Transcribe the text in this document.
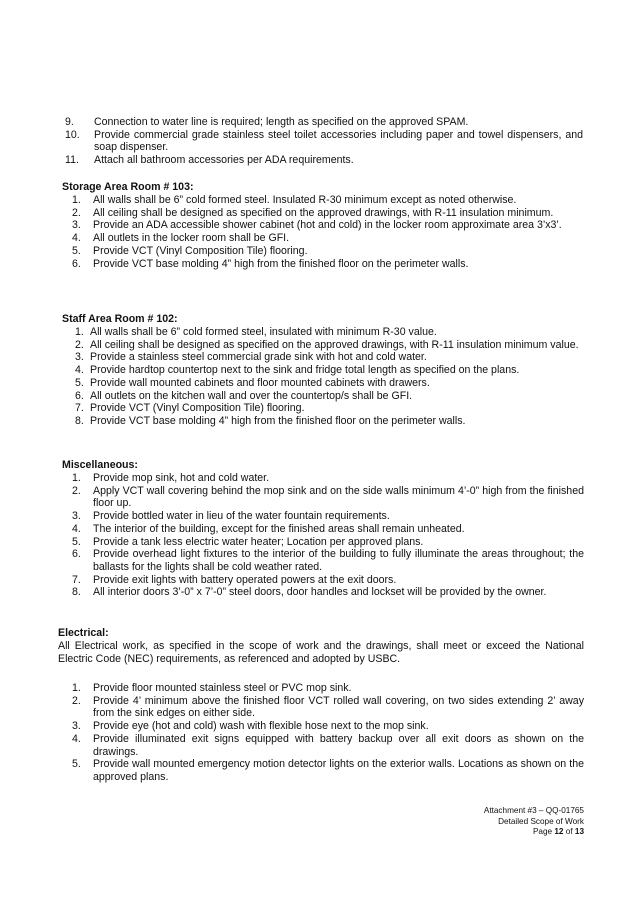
9.	Connection to water line is required; length as specified on the approved SPAM.
10.	Provide commercial grade stainless steel toilet accessories including paper and towel dispensers, and soap dispenser.
11.	Attach all bathroom accessories per ADA requirements.
Storage Area Room # 103:
1. All walls shall be 6” cold formed steel. Insulated R-30 minimum except as noted otherwise.
2. All ceiling shall be designed as specified on the approved drawings, with R-11 insulation minimum.
3. Provide an ADA accessible shower cabinet (hot and cold) in the locker room approximate area 3’x3’.
4. All outlets in the locker room shall be GFI.
5. Provide VCT (Vinyl Composition Tile) flooring.
6. Provide VCT base molding 4” high from the finished floor on the perimeter walls.
Staff Area Room # 102:
1. All walls shall be 6” cold formed steel, insulated with minimum R-30 value.
2. All ceiling shall be designed as specified on the approved drawings, with R-11 insulation minimum value.
3. Provide a stainless steel commercial grade sink with hot and cold water.
4. Provide hardtop countertop next to the sink and fridge total length as specified on the plans.
5. Provide wall mounted cabinets and floor mounted cabinets with drawers.
6. All outlets on the kitchen wall and over the countertop/s shall be GFI.
7. Provide VCT (Vinyl Composition Tile) flooring.
8. Provide VCT base molding 4” high from the finished floor on the perimeter walls.
Miscellaneous:
1. Provide mop sink, hot and cold water.
2. Apply VCT wall covering behind the mop sink and on the side walls minimum 4’-0” high from the finished floor up.
3. Provide bottled water in lieu of the water fountain requirements.
4. The interior of the building, except for the finished areas shall remain unheated.
5. Provide a tank less electric water heater; Location per approved plans.
6. Provide overhead light fixtures to the interior of the building to fully illuminate the areas throughout; the ballasts for the lights shall be cold weather rated.
7. Provide exit lights with battery operated powers at the exit doors.
8. All interior doors 3’-0” x 7’-0” steel doors, door handles and lockset will be provided by the owner.
Electrical:
All Electrical work, as specified in the scope of work and the drawings, shall meet or exceed the National Electric Code (NEC) requirements, as referenced and adopted by USBC.
1. Provide floor mounted stainless steel or PVC mop sink.
2. Provide 4’ minimum above the finished floor VCT rolled wall covering, on two sides extending 2’ away from the sink edges on either side.
3. Provide eye (hot and cold) wash with flexible hose next to the mop sink.
4. Provide illuminated exit signs equipped with battery backup over all exit doors as shown on the drawings.
5. Provide wall mounted emergency motion detector lights on the exterior walls. Locations as shown on the approved plans.
Attachment #3 – QQ-01765
Detailed Scope of Work
Page 12 of 13
